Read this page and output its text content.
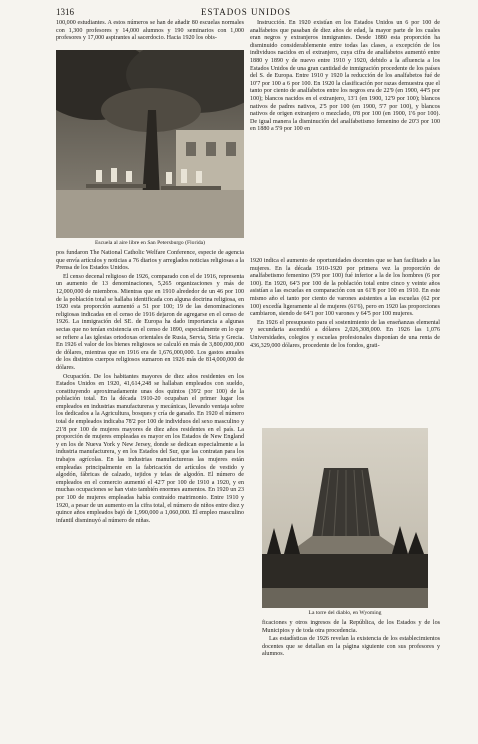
1316	ESTADOS UNIDOS

100,000 estudiantes. A estos números se han de añadir 80 escuelas normales con 1,300 profesores y 14,000 alumnos y 190 seminarios con 1,000 profesores y 17,000 aspirantes al sacerdocio. Hacia 1920 los obis-

Escuela al aire libre en San Petersburgo (Florida)

pos fundaron The National Catholic Welfare Conference, especie de agencia que envía artículos y noticias a 76 diarios y arreglados noticias religiosas a la Prensa de los Estados Unidos.

El censo decenal religioso de 1926, comparado con el de 1916, representa un aumento de 13 denominaciones, 5,265 organizaciones y más de 12,000,000 de miembros. Mientras que en 1910 alrededor de un 46 por 100 de la población total se hallaba identificada con alguna doctrina religiosa, en 1920 esta proporción aumentó a 51 por 100; 19 de las denominaciones religiosas indicadas en el censo de 1916 dejaron de agregarse en el censo de 1926. La inmigración del SE. de Europa ha dado importancia a algunas sectas que no tenían existencia en el censo de 1890, especialmente en lo que se refiere a las iglesias ortodoxas orientales de Rusia, Servia, Siria y Grecia. En 1926 el valor de los bienes religiosos se calculó en más de 3,800,000,000 de dólares, mientras que en 1916 era de 1,676,000,000. Los gastos anuales de los distintos cuerpos religiosos sumaron en 1926 más de 814,000,000 de dólares.

Ocupación. De los habitantes mayores de diez años residentes en los Estados Unidos en 1920, 41,614,248 se hallaban empleados con sueldo, constituyendo aproximadamente unas dos quintos (39'2 por 100) de la población total. En la década 1910-20 ocupaban el primer lugar los empleados en industrias manufactureras y mecánicas, llevando ventaja sobre los dedicados a la Agricultura, bosques y cría de ganado. En 1920 el número total de empleados indicaba 78'2 por 100 de individuos del sexo masculino y 21'8 por 100 de mujeres mayores de diez años residentes en el país. La proporción de mujeres empleadas es mayor en los Estados de New England y en los de Nueva York y New Jersey, donde se dedican especialmente a la industria manufacturera, y en los Estados del Sur, que las contratan para los trabajos agrícolas. En las industrias manufactureras las mujeres están empleadas principalmente en la fabricación de artículos de vestido y algodón, fábricas de calzado, tejidos y telas de algodón. El número de empleados en el comercio aumentó el 42'7 por 100 de 1910 a 1920, y en muchas ocupaciones se han visto también enormes aumentos. En 1920 un 23 por 100 de mujeres empleadas había contraído matrimonio. Entre 1910 y 1920, a pesar de un aumento en la cifra total, el número de niños entre diez y quince años empleados bajó de 1,990,000 a 1,060,000. El empleo masculino infantil disminuyó al número de niñas.

Instrucción. En 1920 existían en los Estados Unidos un 6 por 100 de analfabetos que pasaban de diez años de edad, la mayor parte de los cuales eran negros y extranjeros inmigrantes. Desde 1880 esta proporción ha disminuido considerablemente entre todas las clases, a excepción de los individuos nacidos en el extranjero, cuya cifra de analfabetos aumentó entre 1880 y 1890 y de nuevo entre 1910 y 1920, debido a la afluencia a los Estados Unidos de una gran cantidad de inmigración procedente de los países del S. de Europa. Entre 1910 y 1920 la reducción de los analfabetos fué de 10'7 por 100 a 6 por 100. En 1920 la clasificación por razas demuestra que el tanto por ciento de analfabetos entre los negros era de 22'9 (en 1900, 44'5 por 100); blancos nacidos en el extranjero, 13'1 (en 1900, 12'9 por 100); blancos nativos de padres nativos, 2'5 por 100 (en 1900, 5'7 por 100), y blancos nativos de origen extranjero o mezclado, 0'8 por 100 (en 1900, 1'6 por 100). De igual manera la disminución del analfabetismo femenino de 20'3 por 100 en 1880 a 5'9 por 100 en

1920 indica el aumento de oportunidades docentes que se han facilitado a las mujeres. En la década 1910-1920 por primera vez la proporción de analfabetismo femenino (5'9 por 100) fué inferior a la de los hombres (6 por 100). En 1920, 64'3 por 100 de la población total entre cinco y veinte años asistían a las escuelas en comparación con un 61'8 por 100 en 1910. En este mismo año el tanto por ciento de varones asistentes a las escuelas (62 por 100) excedía ligeramente al de mujeres (61'6), pero en 1920 las proporciones cambiaron, siendo de 64'1 por 100 varones y 64'5 por 100 mujeres.

En 1926 el presupuesto para el sostenimiento de las enseñanzas elemental y secundaria ascendió a dólares 2,026,308,000. En 1926 las 1,076 Universidades, colegios y escuelas profesionales disponían de una renta de 436,329,000 dólares, procedente de los fondos, grati-

La torre del diablo, en Wyoming

ficaciones y otros ingresos de la República, de los Estados y de los Municipios y de toda otra procedencia.

Las estadísticas de 1926 revelan la existencia de los establecimientos docentes que se detallan en la página siguiente con sus profesores y alumnos.
